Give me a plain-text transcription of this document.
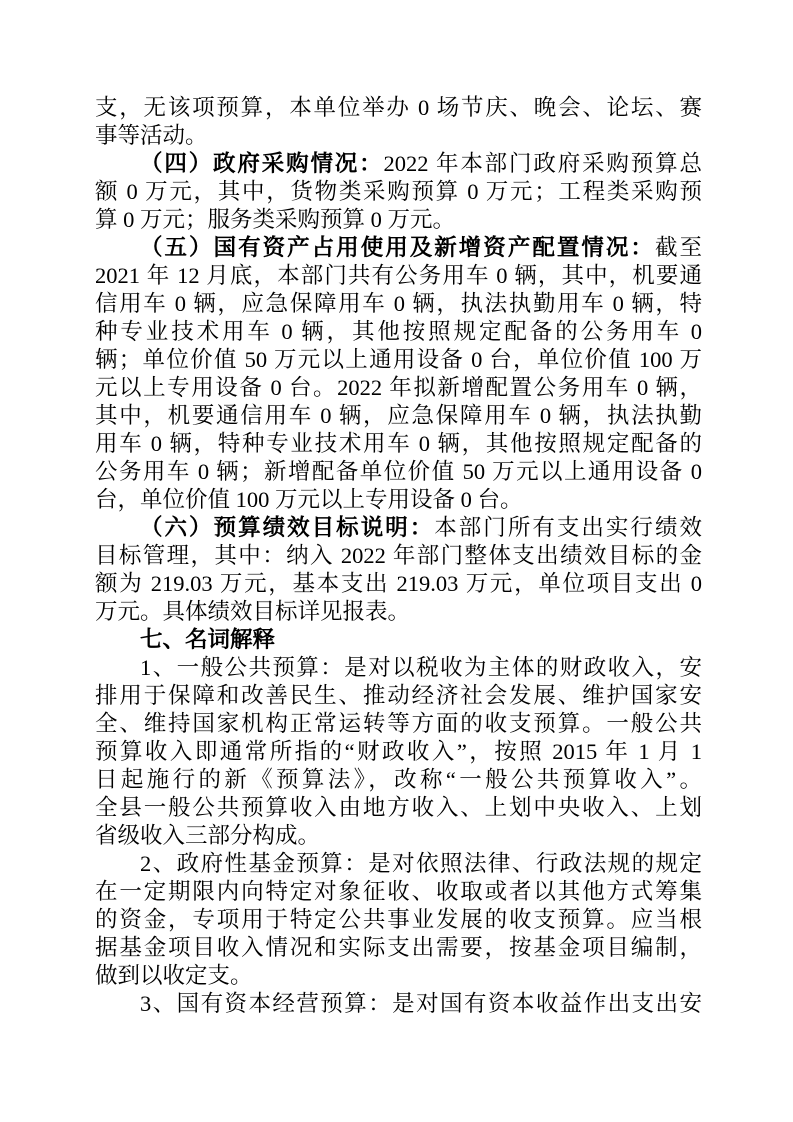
支，无该项预算，本单位举办 0 场节庆、晚会、论坛、赛
事等活动。
（四）政府采购情况：2022 年本部门政府采购预算总
额 0 万元，其中，货物类采购预算 0 万元；工程类采购预
算 0 万元；服务类采购预算 0 万元。
（五）国有资产占用使用及新增资产配置情况：截至
2021 年 12 月底，本部门共有公务用车 0 辆，其中，机要通
信用车 0 辆，应急保障用车 0 辆，执法执勤用车 0 辆，特
种专业技术用车 0 辆，其他按照规定配备的公务用车 0
辆；单位价值 50 万元以上通用设备 0 台，单位价值 100 万
元以上专用设备 0 台。2022 年拟新增配置公务用车 0 辆，
其中，机要通信用车 0 辆，应急保障用车 0 辆，执法执勤
用车 0 辆，特种专业技术用车 0 辆，其他按照规定配备的
公务用车 0 辆；新增配备单位价值 50 万元以上通用设备 0
台，单位价值 100 万元以上专用设备 0 台。
（六）预算绩效目标说明：本部门所有支出实行绩效
目标管理，其中：纳入 2022 年部门整体支出绩效目标的金
额为 219.03 万元，基本支出 219.03 万元，单位项目支出 0
万元。具体绩效目标详见报表。
七、名词解释
1、一般公共预算：是对以税收为主体的财政收入，安
排用于保障和改善民生、推动经济社会发展、维护国家安
全、维持国家机构正常运转等方面的收支预算。一般公共
预算收入即通常所指的“财政收入”，按照 2015 年 1 月 1
日起施行的新《预算法》，改称“一般公共预算收入”。
全县一般公共预算收入由地方收入、上划中央收入、上划
省级收入三部分构成。
2、政府性基金预算：是对依照法律、行政法规的规定
在一定期限内向特定对象征收、收取或者以其他方式筹集
的资金，专项用于特定公共事业发展的收支预算。应当根
据基金项目收入情况和实际支出需要，按基金项目编制，
做到以收定支。
3、国有资本经营预算：是对国有资本收益作出支出安
